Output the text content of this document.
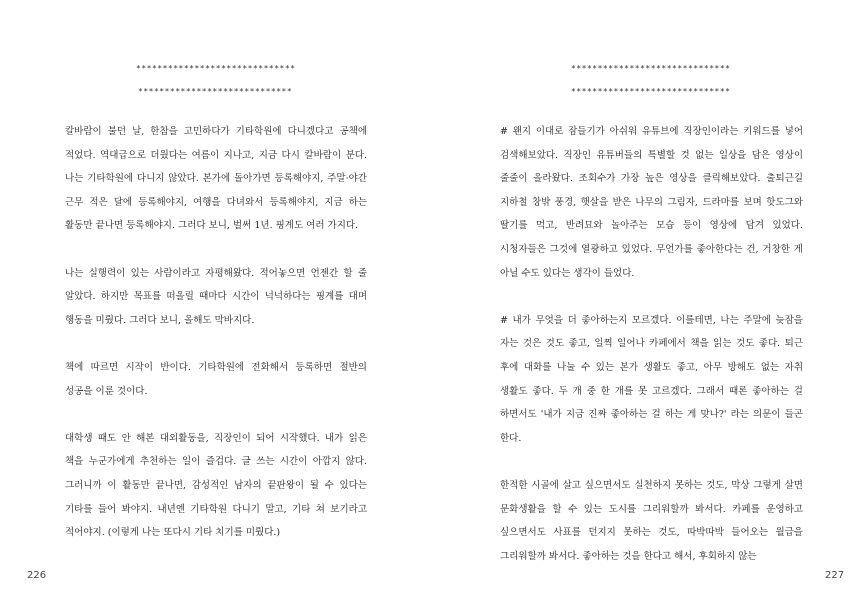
******************************
*****************************

칼바람이 불던 날, 한참을 고민하다가 기타학원에 다니겠다고 공책에 적었다. 역대급으로 더웠다는 여름이 지나고, 지금 다시 칼바람이 분다. 나는 기타학원에 다니지 않았다. 본가에 돌아가면 등록해야지, 주말·야간 근무 적은 달에 등록해야지, 여행을 다녀와서 등록해야지, 지금 하는 활동만 끝나면 등록해야지. 그러다 보니, 벌써 1년. 핑계도 여러 가지다.

나는 실행력이 있는 사람이라고 자평해왔다. 적어놓으면 언젠간 할 줄 알았다. 하지만 목표를 떠올릴 때마다 시간이 넉넉하다는 핑계를 대며 행동을 미뤘다. 그러다 보니, 올해도 막바지다.

책에 따르면 시작이 반이다. 기타학원에 전화해서 등록하면 절반의 성공을 이룬 것이다.

대학생 때도 안 해본 대외활동을, 직장인이 되어 시작했다. 내가 읽은 책을 누군가에게 추천하는 일이 즐겁다. 글 쓰는 시간이 아깝지 않다. 그러니까 이 활동만 끝나면, 감성적인 남자의 끝판왕이 될 수 있다는 기타를 들어 봐야지. 내년엔 기타학원 다니기 말고, 기타 쳐 보기라고 적어야지. (이렇게 나는 또다시 기타 치기를 미뤘다.)

226
******************************
******************************

# 왠지 이대로 잠들기가 아쉬워 유튜브에 직장인이라는 키워드를 넣어 검색해보았다. 직장인 유튜버들의 특별할 것 없는 일상을 담은 영상이 줄줄이 올라왔다. 조회수가 가장 높은 영상을 클릭해보았다. 출퇴근길 지하철 창밖 풍경, 햇살을 받은 나무의 그림자, 드라마를 보며 핫도그와 딸기를 먹고, 반려묘와 놀아주는 모습 등이 영상에 담겨 있었다. 시청자들은 그것에 열광하고 있었다. 무언가를 좋아한다는 건, 거창한 게 아닐 수도 있다는 생각이 들었다.

# 내가 무엇을 더 좋아하는지 모르겠다. 이를테면, 나는 주말에 늦잠을 자는 것은 것도 좋고, 일찍 일어나 카페에서 책을 읽는 것도 좋다. 퇴근 후에 대화를 나눌 수 있는 본가 생활도 좋고, 아무 방해도 없는 자취 생활도 좋다. 두 개 중 한 개를 못 고르겠다. 그래서 때론 좋아하는 걸 하면서도 '내가 지금 진짜 좋아하는 걸 하는 게 맞나?' 라는 의문이 들곤 한다.

한적한 시골에 살고 싶으면서도 실천하지 못하는 것도, 막상 그렇게 살면 문화생활을 할 수 있는 도시를 그리워할까 봐서다. 카페를 운영하고 싶으면서도 사표를 던지지 못하는 것도, 따박따박 들어오는 월급을 그리워할까 봐서다. 좋아하는 것을 한다고 해서, 후회하지 않는

227
